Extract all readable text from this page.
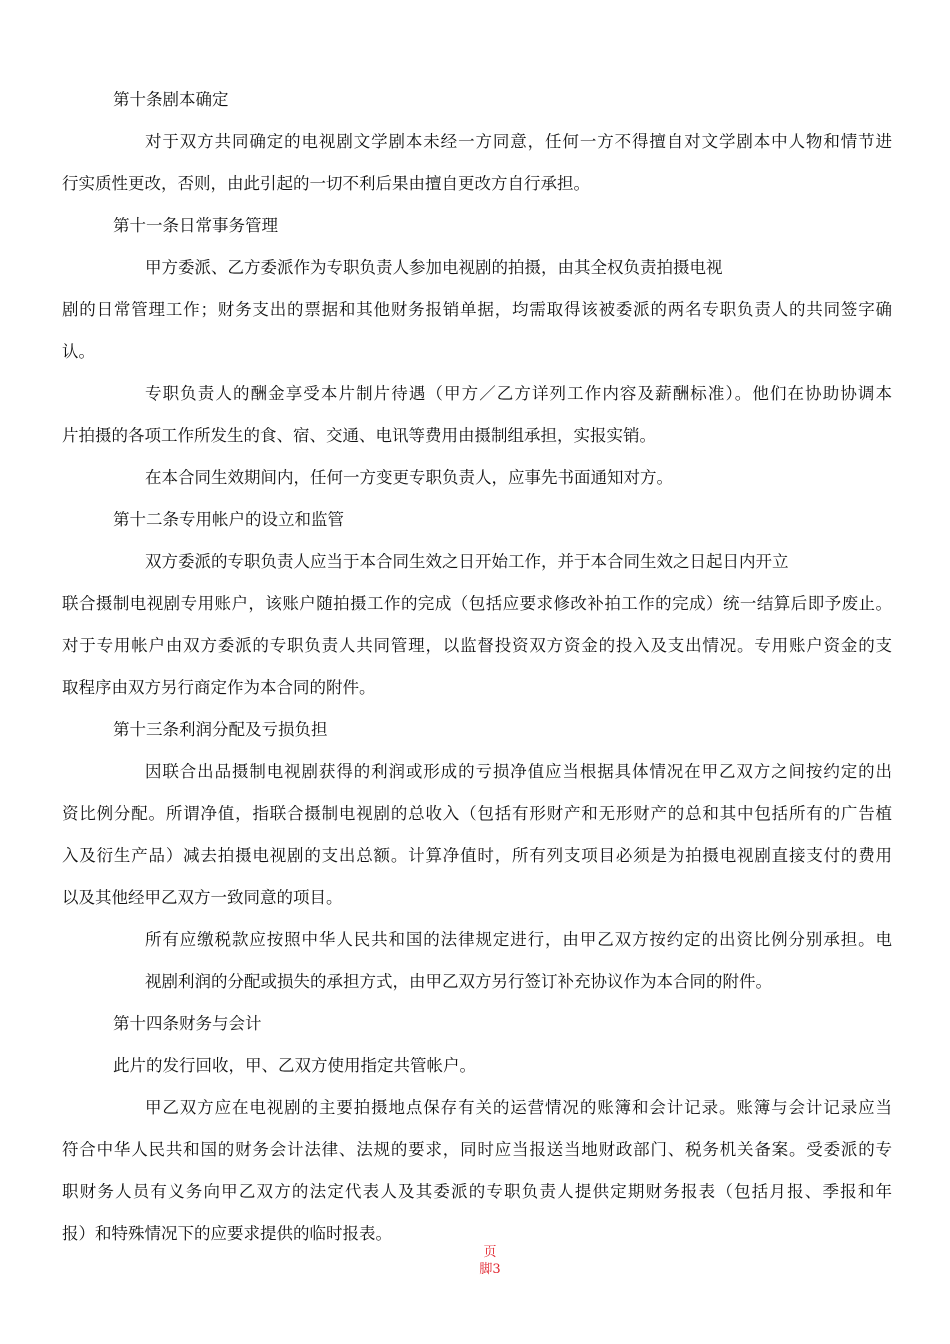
第十条剧本确定
对于双方共同确定的电视剧文学剧本未经一方同意，任何一方不得擅自对文学剧本中人物和情节进
行实质性更改，否则，由此引起的一切不利后果由擅自更改方自行承担。
第十一条日常事务管理
甲方委派、乙方委派作为专职负责人参加电视剧的拍摄，由其全权负责拍摄电视
剧的日常管理工作；财务支出的票据和其他财务报销单据，均需取得该被委派的两名专职负责人的共同签字确
认。
专职负责人的酬金享受本片制片待遇（甲方／乙方详列工作内容及薪酬标准）。他们在协助协调本
片拍摄的各项工作所发生的食、宿、交通、电讯等费用由摄制组承担，实报实销。
在本合同生效期间内，任何一方变更专职负责人，应事先书面通知对方。
第十二条专用帐户的设立和监管
双方委派的专职负责人应当于本合同生效之日开始工作，并于本合同生效之日起日内开立
联合摄制电视剧专用账户，该账户随拍摄工作的完成（包括应要求修改补拍工作的完成）统一结算后即予废止。
对于专用帐户由双方委派的专职负责人共同管理，以监督投资双方资金的投入及支出情况。专用账户资金的支
取程序由双方另行商定作为本合同的附件。
第十三条利润分配及亏损负担
因联合出品摄制电视剧获得的利润或形成的亏损净值应当根据具体情况在甲乙双方之间按约定的出
资比例分配。所谓净值，指联合摄制电视剧的总收入（包括有形财产和无形财产的总和其中包括所有的广告植
入及衍生产品）减去拍摄电视剧的支出总额。计算净值时，所有列支项目必须是为拍摄电视剧直接支付的费用
以及其他经甲乙双方一致同意的项目。
所有应缴税款应按照中华人民共和国的法律规定进行，由甲乙双方按约定的出资比例分别承担。电
视剧利润的分配或损失的承担方式，由甲乙双方另行签订补充协议作为本合同的附件。
第十四条财务与会计
此片的发行回收，甲、乙双方使用指定共管帐户。
甲乙双方应在电视剧的主要拍摄地点保存有关的运营情况的账簿和会计记录。账簿与会计记录应当
符合中华人民共和国的财务会计法律、法规的要求，同时应当报送当地财政部门、税务机关备案。受委派的专
职财务人员有义务向甲乙双方的法定代表人及其委派的专职负责人提供定期财务报表（包括月报、季报和年
报）和特殊情况下的应要求提供的临时报表。
页
脚3
